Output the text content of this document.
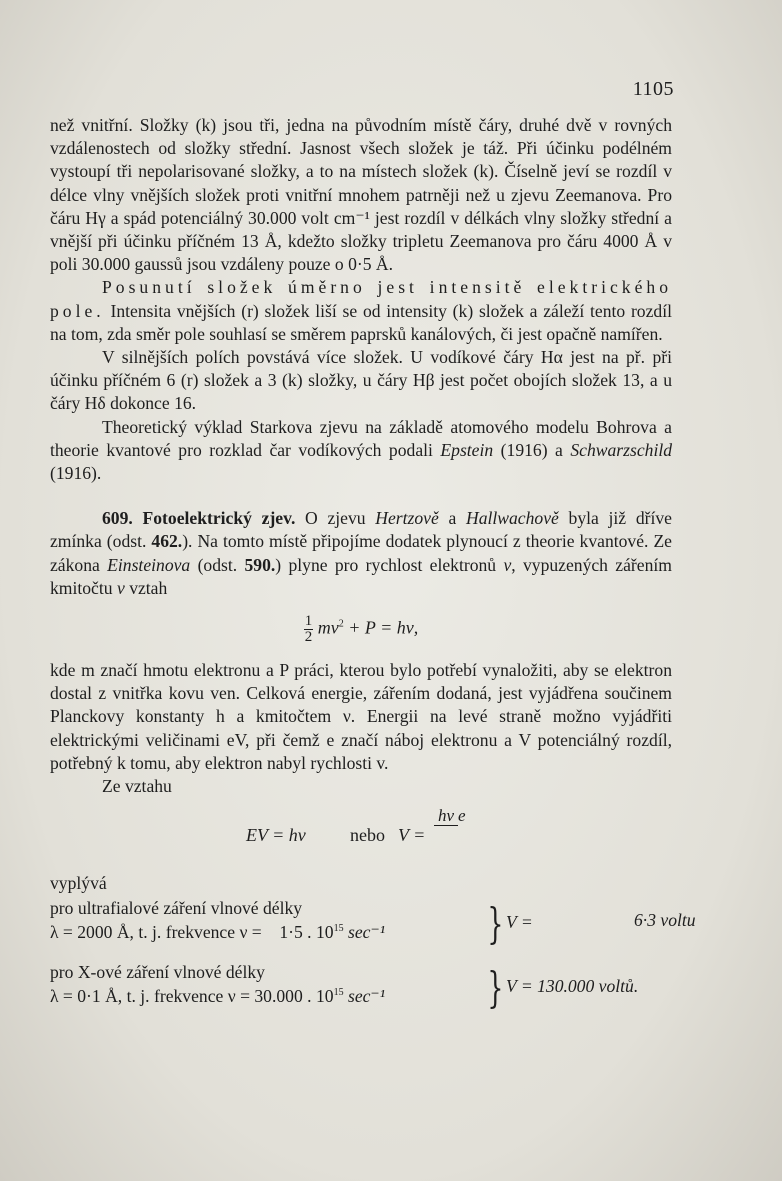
1105

než vnitřní. Složky (k) jsou tři, jedna na původním místě čáry, druhé dvě v rovných vzdálenostech od složky střední. Jasnost všech složek je táž. Při účinku podélném vystoupí tři nepolarisované složky, a to na místech složek (k). Číselně jeví se rozdíl v délce vlny vnějších složek proti vnitřní mnohem patrněji než u zjevu Zeemanova. Pro čáru Hγ a spád potenciálný 30.000 volt cm⁻¹ jest rozdíl v délkách vlny složky střední a vnější při účinku příčném 13 Å, kdežto složky tripletu Zeemanova pro čáru 4000 Å v poli 30.000 gaussů jsou vzdáleny pouze o 0·5 Å.

Posunutí složek úměrno jest intensitě elektrického pole. Intensita vnějších (r) složek liší se od intensity (k) složek a záleží tento rozdíl na tom, zda směr pole souhlasí se směrem paprsků kanálových, či jest opačně namířen.

V silnějších polích povstává více složek. U vodíkové čáry Hα jest na př. při účinku příčném 6 (r) složek a 3 (k) složky, u čáry Hβ jest počet obojích složek 13, a u čáry Hδ dokonce 16.

Theoretický výklad Starkova zjevu na základě atomového modelu Bohrova a theorie kvantové pro rozklad čar vodíkových podali Epstein (1916) a Schwarzschild (1916).

609. Fotoelektrický zjev. O zjevu Hertzově a Hallwachově byla již dříve zmínka (odst. 462.). Na tomto místě připojíme dodatek plynoucí z theorie kvantové. Ze zákona Einsteinova (odst. 590.) plyne pro rychlost elektronů v, vypuzených zářením kmitočtu ν vztah

$\frac{1}{2} mv^2 + P = h\nu$,

kde m značí hmotu elektronu a P práci, kterou bylo potřebí vynaložiti, aby se elektron dostal z vnitřka kovu ven. Celková energie, zářením dodaná, jest vyjádřena součinem Planckovy konstanty h a kmitočtem ν. Energii na levé straně možno vyjádřiti elektrickými veličinami eV, při čemž e značí náboj elektronu a V potenciálný rozdíl, potřebný k tomu, aby elektron nabyl rychlosti v.

Ze vztahu

EV = hν nebo V =
hν e

vyplývá

pro ultrafialové záření vlnové délky
λ = 2000 Å, t. j. frekvence ν = 1·5 . $10^{15}$ sec⁻¹ } V =	6·3 voltu
pro X-ové záření vlnové délky
λ = 0·1 Å, t. j. frekvence ν = 30.000 . $10^{15}$ sec⁻¹ } V = 130.000 voltů.
